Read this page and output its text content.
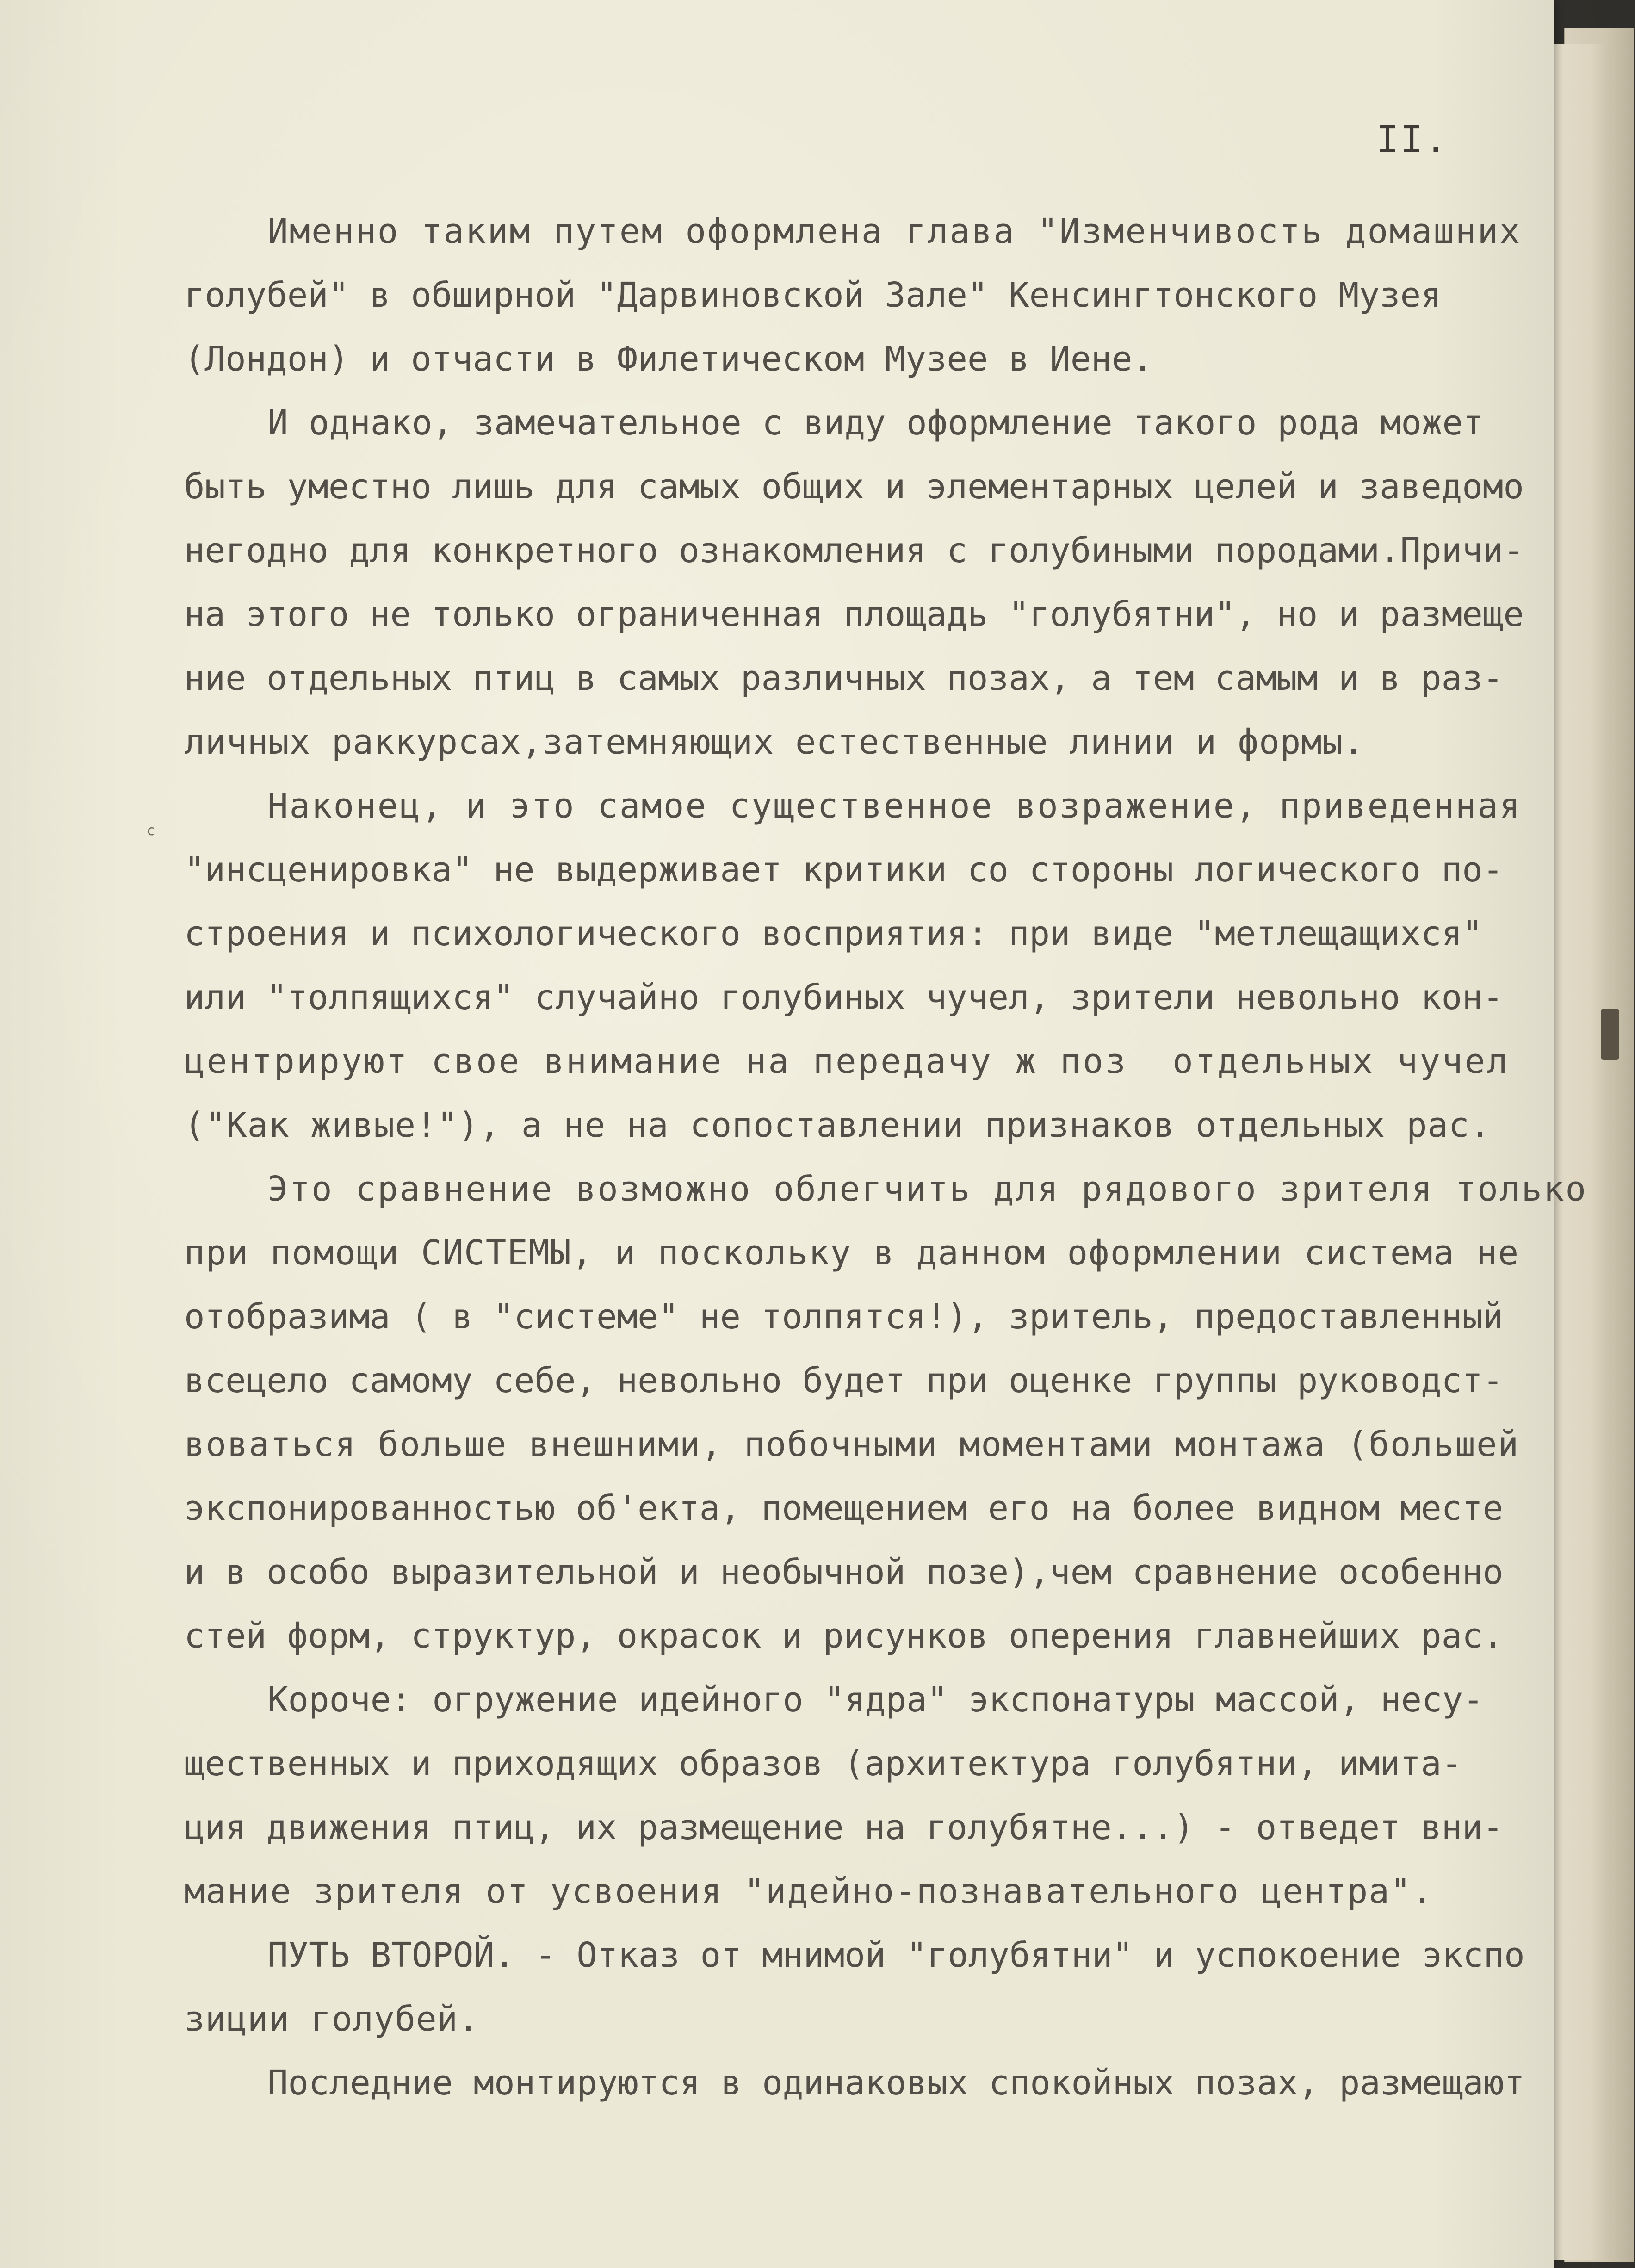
II.
c
Именно таким путем оформлена глава "Изменчивость домашних
голубей" в обширной "Дарвиновской Зале" Кенсингтонского Музея
(Лондон) и отчасти в Филетическом Музее в Иене.
И однако, замечательное с виду оформление такого рода может
быть уместно лишь для самых общих и элементарных целей и заведомо
негодно для конкретного ознакомления с голубиными породами.Причи-
на этого не только ограниченная площадь "голубятни", но и размеще
ние отдельных птиц в самых различных позах, а тем самым и в раз-
личных раккурсах,затемняющих естественные линии и формы.
Наконец, и это самое существенное возражение, приведенная
"инсценировка" не выдерживает критики со стороны логического по-
строения и психологического восприятия: при виде "метлещащихся"
или "толпящихся" случайно голубиных чучел, зрители невольно кон-
центрируют свое внимание на передачу ж поз  отдельных чучел
("Как живые!"), а не на сопоставлении признаков отдельных рас.
Это сравнение возможно облегчить для рядового зрителя только
при помощи СИСТЕМЫ, и поскольку в данном оформлении система не
отобразима ( в "системе" не толпятся!), зритель, предоставленный
всецело самому себе, невольно будет при оценке группы руководст-
воваться больше внешними, побочными моментами монтажа (большей
экспонированностью об'екта, помещением его на более видном месте
и в особо выразительной и необычной позе),чем сравнение особенно
стей форм, структур, окрасок и рисунков оперения главнейших рас.
Короче: огружение идейного "ядра" экспонатуры массой, несу-
щественных и приходящих образов (архитектура голубятни, имита-
ция движения птиц, их размещение на голубятне...) - отведет вни-
мание зрителя от усвоения "идейно-познавательного центра".
ПУТЬ ВТОРОЙ. - Отказ от мнимой "голубятни" и успокоение экспо
зиции голубей.
Последние монтируются в одинаковых спокойных позах, размещают
